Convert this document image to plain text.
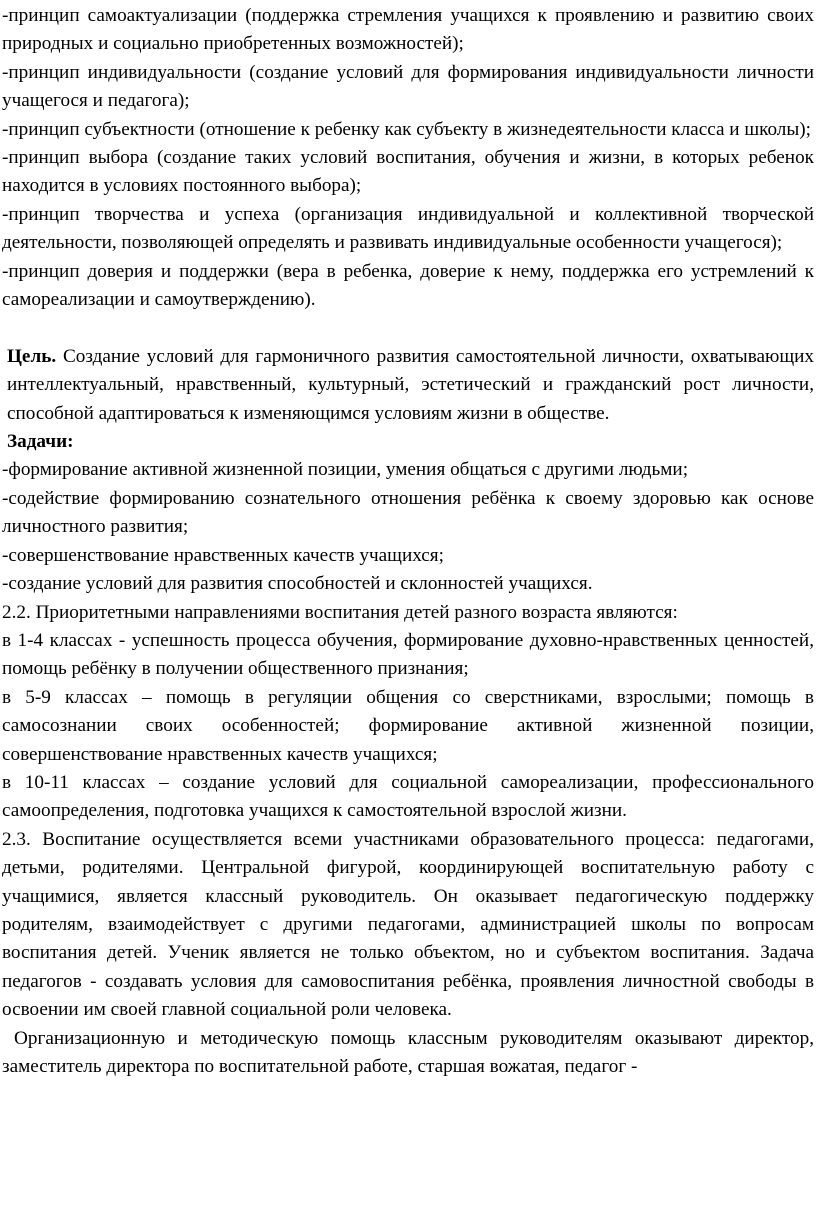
-принцип самоактуализации (поддержка стремления учащихся к проявлению и развитию своих природных и социально приобретенных возможностей);

-принцип индивидуальности (создание условий для формирования индивидуальности личности учащегося и педагога);

-принцип субъектности (отношение к ребенку как субъекту в жизнедеятельности класса и школы);

-принцип выбора (создание таких условий воспитания, обучения и жизни, в которых ребенок находится в условиях постоянного выбора);

-принцип творчества и успеха (организация индивидуальной и коллективной творческой деятельности, позволяющей определять и развивать индивидуальные особенности учащегося);

-принцип доверия и поддержки (вера в ребенка, доверие к нему, поддержка его устремлений к самореализации и самоутверждению).

Цель. Создание условий для гармоничного развития самостоятельной личности, охватывающих интеллектуальный, нравственный, культурный, эстетический и гражданский рост личности, способной адаптироваться к изменяющимся условиям жизни в обществе.

Задачи:

-формирование активной жизненной позиции, умения общаться с другими людьми;

-содействие формированию сознательного отношения ребёнка к своему здоровью как основе личностного развития;

-совершенствование нравственных качеств учащихся;

-создание условий для развития способностей и склонностей учащихся.

2.2. Приоритетными направлениями воспитания детей разного возраста являются:

в 1-4 классах - успешность процесса обучения, формирование духовно-нравственных ценностей, помощь ребёнку в получении общественного признания;

в 5-9 классах – помощь в регуляции общения со сверстниками, взрослыми; помощь в самосознании своих особенностей; формирование активной жизненной позиции, совершенствование нравственных качеств учащихся;

в 10-11 классах – создание условий для социальной самореализации, профессионального самоопределения, подготовка учащихся к самостоятельной взрослой жизни.

2.3. Воспитание осуществляется всеми участниками образовательного процесса: педагогами, детьми, родителями. Центральной фигурой, координирующей воспитательную работу с учащимися, является классный руководитель. Он оказывает педагогическую поддержку родителям, взаимодействует с другими педагогами, администрацией школы по вопросам воспитания детей. Ученик является не только объектом, но и субъектом воспитания. Задача педагогов - создавать условия для самовоспитания ребёнка, проявления личностной свободы в освоении им своей главной социальной роли человека.

Организационную и методическую помощь классным руководителям оказывают директор, заместитель директора по воспитательной работе, старшая вожатая, педагог -
